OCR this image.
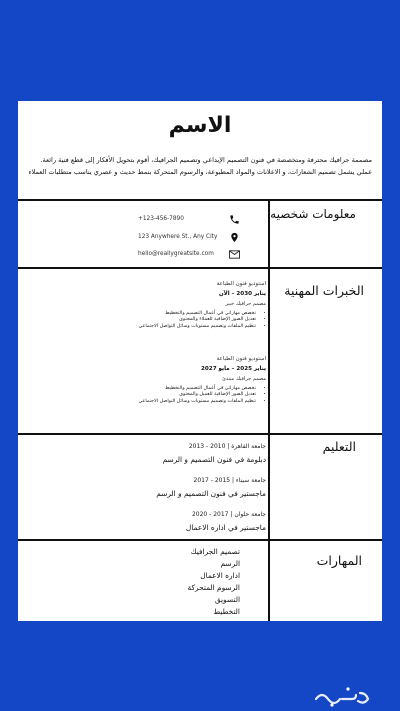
الاسم
مصممة جرافيك محترفة ومتخصصة في فنون التصميم الإبداعي وتصميم الجرافيك، أقوم بتحويل الأفكار إلى قطع فنية رائعة. عملي يشمل تصميم الشعارات، و الاعلانات والمواد المطبوعة، والرسوم المتحركة بنمط حديث و عصري يناسب متطلبات العملاء
معلومات شخصيه
+123-456-7890
123 Anywhere St., Any City
hello@reallygreatsite.com
الخبرات المهنية
استوديو فنون الطباعة
يناير 2030 – الآن
مصمم جرافيك خبير
• تخصص مهاراتي في أعمال التصميم والتخطيط
• تعديل الصور الإضافية للعملاء والمحتوى
• تنظيم الملفات وتصميم مستويات وسائل التواصل الاجتماعي
استوديو فنون الطباعة
يناير 2025 – مايو 2027
مصمم جرافيك مبتدئ
• تخصص مهاراتي في أعمال التصميم والتخطيط
• تعديل الصور الإضافية للعميل والمحتوى
• تنظيم الملفات وتصميم مستويات وسائل التواصل الاجتماعي
التعليم
جامعة القاهرة | 2010 - 2013
دبلومة في فنون التصميم و الرسم
جامعة سيناء | 2015 - 2017
ماجستير في فنون التصميم و الرسم
جامعة حلوان | 2017 - 2020
ماجستير في اداره الاعمال
المهارات
تصميم الجرافيك
الرسم
اداره الاعمال
الرسوم المتحركة
التسويق
التخطيط
